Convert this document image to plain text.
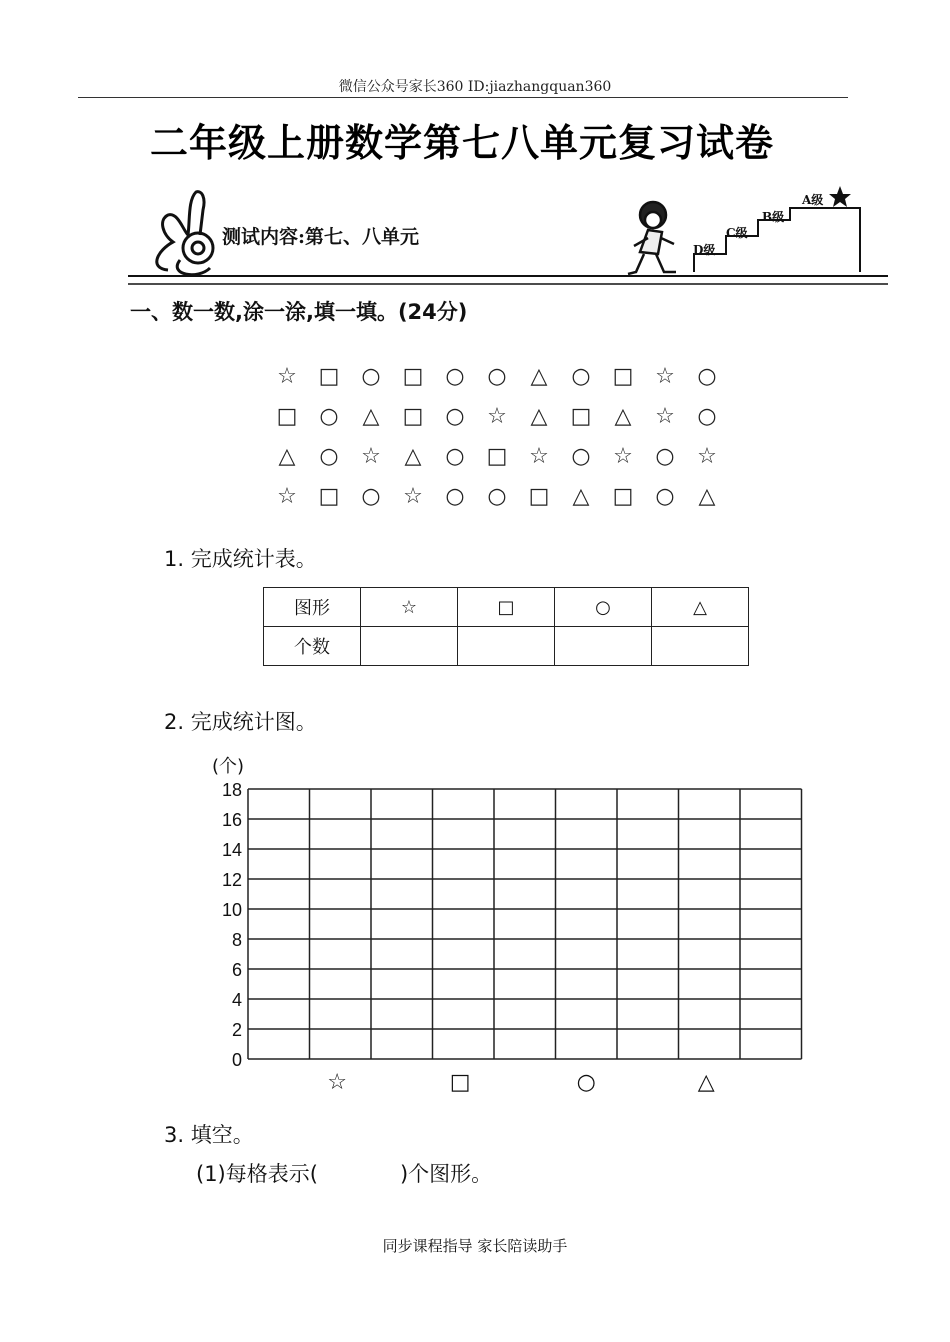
微信公众号家长360 ID:jiazhangquan360
二年级上册数学第七八单元复习试卷
测试内容:第七、八单元
D级
C级
B级
A级
一、数一数,涂一涂,填一填。(24分)
☆ □	○	□	○	○	△	○	□ ☆	○
□	○	△	□	○	☆	△	□	△	☆	○
△	○	☆	△	○	□ ☆	○	☆	○	☆
☆ □	○	☆	○	○	□	△	□	○	△
1. 完成统计表。
图形	☆	□	○	△
个数				
2. 完成统计图。
(个)
18
16
14
12
10
8
6
4
2
0
☆	□	○	△
3. 填空。
(1)每格表示(	)个图形。
同步课程指导 家长陪读助手
